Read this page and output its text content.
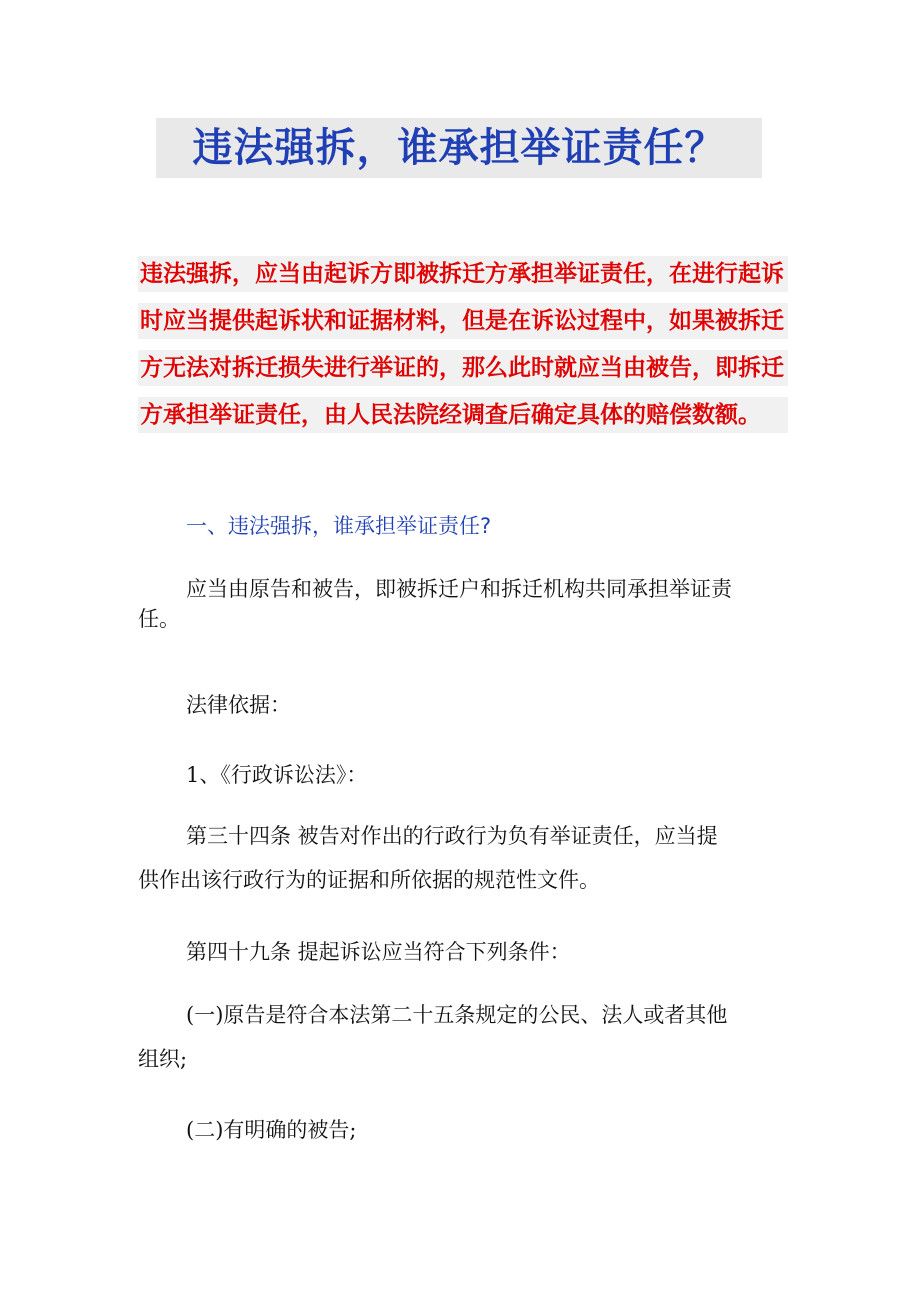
违法强拆，谁承担举证责任？
违法强拆，应当由起诉方即被拆迁方承担举证责任，在进行起诉
时应当提供起诉状和证据材料，但是在诉讼过程中，如果被拆迁
方无法对拆迁损失进行举证的，那么此时就应当由被告，即拆迁
方承担举证责任，由人民法院经调查后确定具体的赔偿数额。
一、违法强拆，谁承担举证责任?
应当由原告和被告，即被拆迁户和拆迁机构共同承担举证责
任。
法律依据：
1、《行政诉讼法》：
第三十四条 被告对作出的行政行为负有举证责任，应当提
供作出该行政行为的证据和所依据的规范性文件。
第四十九条 提起诉讼应当符合下列条件：
(一)原告是符合本法第二十五条规定的公民、法人或者其他
组织;
(二)有明确的被告;
